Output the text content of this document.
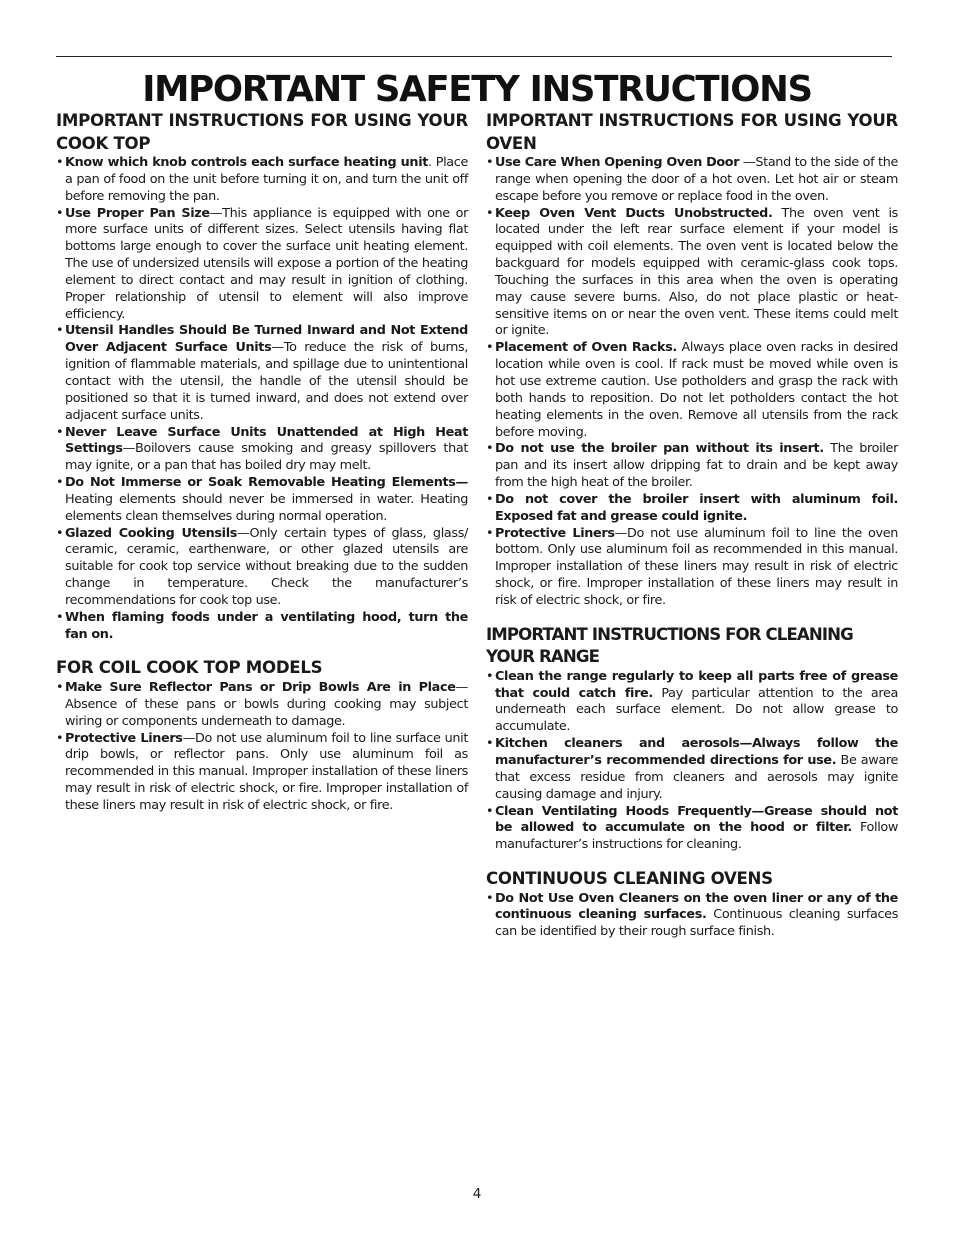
IMPORTANT SAFETY INSTRUCTIONS
IMPORTANT INSTRUCTIONS FOR USING YOUR COOK TOP
• Know which knob controls each surface heating unit. Place a pan of food on the unit before turning it on, and turn the unit off before removing the pan.
• Use Proper Pan Size—This appliance is equipped with one or more surface units of different sizes. Select utensils having flat bottoms large enough to cover the surface unit heating element. The use of undersized utensils will expose a portion of the heating element to direct contact and may result in ignition of clothing. Proper relationship of utensil to element will also improve efficiency.
• Utensil Handles Should Be Turned Inward and Not Extend Over Adjacent Surface Units—To reduce the risk of burns, ignition of flammable materials, and spillage due to unintentional contact with the utensil, the handle of the utensil should be positioned so that it is turned inward, and does not extend over adjacent surface units.
• Never Leave Surface Units Unattended at High Heat Settings—Boilovers cause smoking and greasy spillovers that may ignite, or a pan that has boiled dry may melt.
• Do Not Immerse or Soak Removable Heating Elements—Heating elements should never be immersed in water. Heating elements clean themselves during normal operation.
• Glazed Cooking Utensils—Only certain types of glass, glass/ ceramic, ceramic, earthenware, or other glazed utensils are suitable for cook top service without breaking due to the sudden change in temperature. Check the manufacturer’s recommendations for cook top use.
• When flaming foods under a ventilating hood, turn the fan on.
FOR COIL COOK TOP MODELS
• Make Sure Reflector Pans or Drip Bowls Are in Place—Absence of these pans or bowls during cooking may subject wiring or components underneath to damage.
• Protective Liners—Do not use aluminum foil to line surface unit drip bowls, or reflector pans. Only use aluminum foil as recommended in this manual. Improper installation of these liners may result in risk of electric shock, or fire. Improper installation of these liners may result in risk of electric shock, or fire.
IMPORTANT INSTRUCTIONS FOR USING YOUR OVEN
• Use Care When Opening Oven Door —Stand to the side of the range when opening the door of a hot oven. Let hot air or steam escape before you remove or replace food in the oven.
• Keep Oven Vent Ducts Unobstructed. The oven vent is located under the left rear surface element if your model is equipped with coil elements. The oven vent is located below the backguard for models equipped with ceramic-glass cook tops. Touching the surfaces in this area when the oven is operating may cause severe burns. Also, do not place plastic or heat-sensitive items on or near the oven vent. These items could melt or ignite.
• Placement of Oven Racks. Always place oven racks in desired location while oven is cool. If rack must be moved while oven is hot use extreme caution. Use potholders and grasp the rack with both hands to reposition. Do not let potholders contact the hot heating elements in the oven. Remove all utensils from the rack before moving.
• Do not use the broiler pan without its insert. The broiler pan and its insert allow dripping fat to drain and be kept away from the high heat of the broiler.
• Do not cover the broiler insert with aluminum foil. Exposed fat and grease could ignite.
• Protective Liners—Do not use aluminum foil to line the oven bottom. Only use aluminum foil as recommended in this manual. Improper installation of these liners may result in risk of electric shock, or fire. Improper installation of these liners may result in risk of electric shock, or fire.
IMPORTANT INSTRUCTIONS FOR CLEANING YOUR RANGE
• Clean the range regularly to keep all parts free of grease that could catch fire. Pay particular attention to the area underneath each surface element. Do not allow grease to accumulate.
• Kitchen cleaners and aerosols—Always follow the manufacturer’s recommended directions for use. Be aware that excess residue from cleaners and aerosols may ignite causing damage and injury.
• Clean Ventilating Hoods Frequently—Grease should not be allowed to accumulate on the hood or filter. Follow manufacturer’s instructions for cleaning.
CONTINUOUS CLEANING OVENS
• Do Not Use Oven Cleaners on the oven liner or any of the continuous cleaning surfaces. Continuous cleaning surfaces can be identified by their rough surface finish.
4
